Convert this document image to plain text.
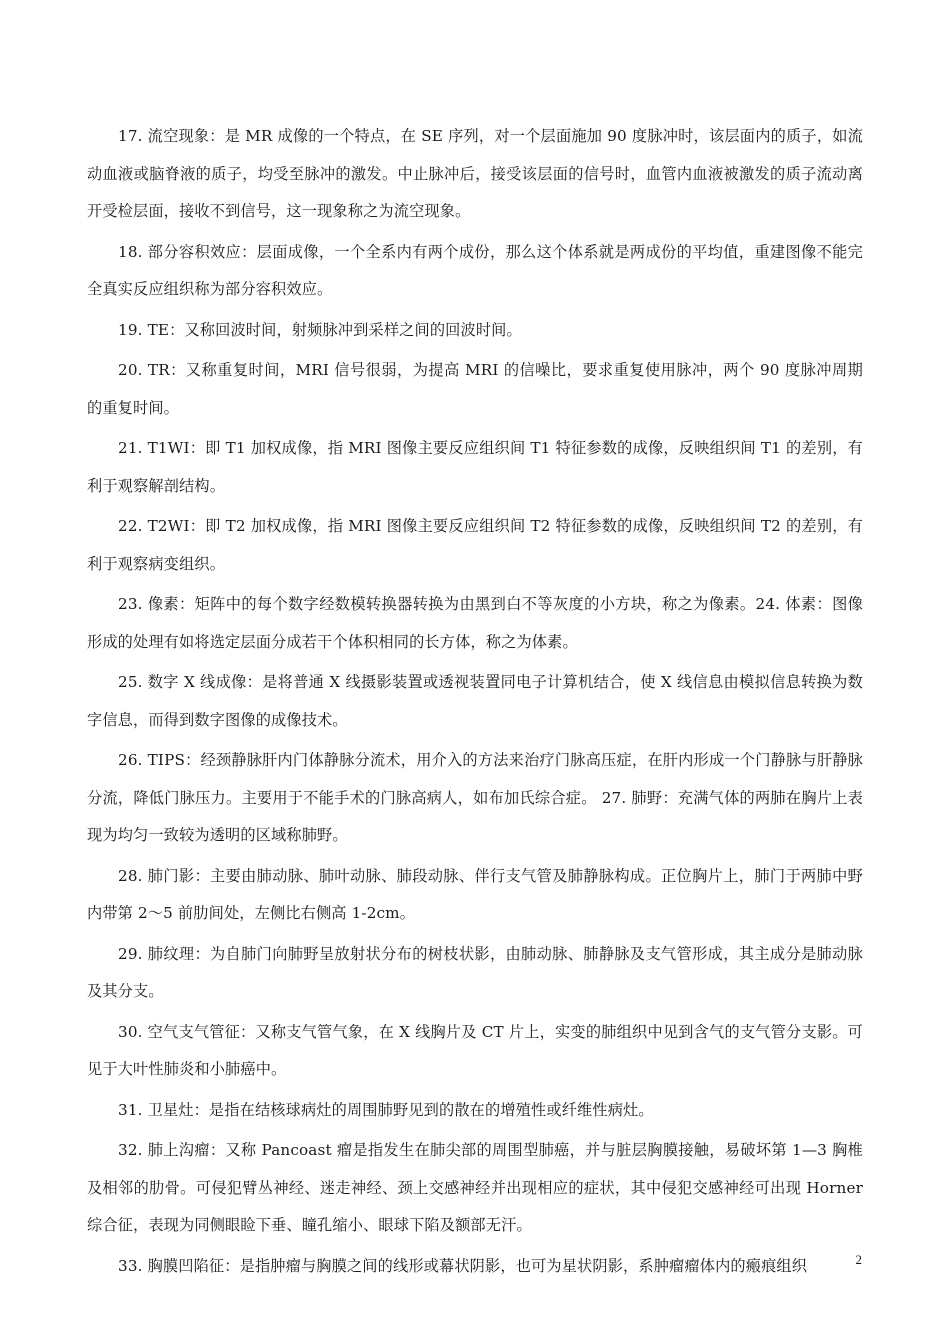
17. 流空现象：是 MR 成像的一个特点，在 SE 序列，对一个层面施加 90 度脉冲时，该层面内的质子，如流动血液或脑脊液的质子，均受至脉冲的激发。中止脉冲后，接受该层面的信号时，血管内血液被激发的质子流动离开受检层面，接收不到信号，这一现象称之为流空现象。

18. 部分容积效应：层面成像，一个全系内有两个成份，那么这个体系就是两成份的平均值，重建图像不能完全真实反应组织称为部分容积效应。

19. TE：又称回波时间，射频脉冲到采样之间的回波时间。

20. TR：又称重复时间，MRI 信号很弱，为提高 MRI 的信噪比，要求重复使用脉冲，两个 90 度脉冲周期的重复时间。

21. T1WI：即 T1 加权成像，指 MRI 图像主要反应组织间 T1 特征参数的成像，反映组织间 T1 的差别，有利于观察解剖结构。

22. T2WI：即 T2 加权成像，指 MRI 图像主要反应组织间 T2 特征参数的成像，反映组织间 T2 的差别，有利于观察病变组织。

23. 像素：矩阵中的每个数字经数模转换器转换为由黑到白不等灰度的小方块，称之为像素。24. 体素：图像形成的处理有如将选定层面分成若干个体积相同的长方体，称之为体素。

25. 数字 X 线成像：是将普通 X 线摄影装置或透视装置同电子计算机结合，使 X 线信息由模拟信息转换为数字信息，而得到数字图像的成像技术。

26. TIPS：经颈静脉肝内门体静脉分流术，用介入的方法来治疗门脉高压症，在肝内形成一个门静脉与肝静脉分流，降低门脉压力。主要用于不能手术的门脉高病人，如布加氏综合症。 27. 肺野：充满气体的两肺在胸片上表现为均匀一致较为透明的区域称肺野。

28. 肺门影：主要由肺动脉、肺叶动脉、肺段动脉、伴行支气管及肺静脉构成。正位胸片上，肺门于两肺中野内带第 2～5 前肋间处，左侧比右侧高 1-2cm。

29. 肺纹理：为自肺门向肺野呈放射状分布的树枝状影，由肺动脉、肺静脉及支气管形成，其主成分是肺动脉及其分支。

30. 空气支气管征：又称支气管气象，在 X 线胸片及 CT 片上，实变的肺组织中见到含气的支气管分支影。可见于大叶性肺炎和小肺癌中。

31. 卫星灶：是指在结核球病灶的周围肺野见到的散在的增殖性或纤维性病灶。

32. 肺上沟瘤：又称 Pancoast 瘤是指发生在肺尖部的周围型肺癌，并与脏层胸膜接触，易破坏第 1—3 胸椎及相邻的肋骨。可侵犯臂丛神经、迷走神经、颈上交感神经并出现相应的症状，其中侵犯交感神经可出现 Horner 综合征，表现为同侧眼睑下垂、瞳孔缩小、眼球下陷及额部无汗。

33. 胸膜凹陷征：是指肿瘤与胸膜之间的线形或幕状阴影，也可为星状阴影，系肿瘤瘤体内的瘢痕组织	2
